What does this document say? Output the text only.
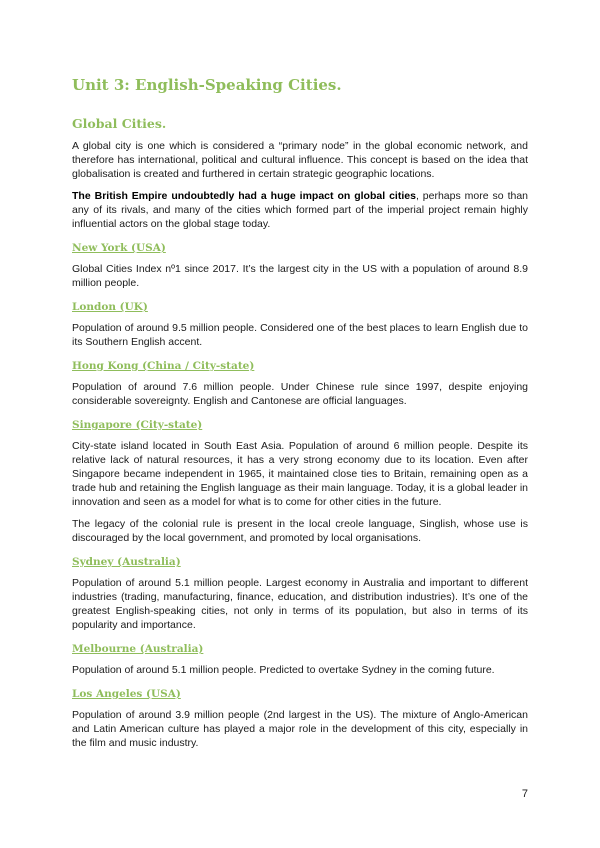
Unit 3: English-Speaking Cities.
Global Cities.

A global city is one which is considered a “primary node” in the global economic network, and therefore has international, political and cultural influence. This concept is based on the idea that globalisation is created and furthered in certain strategic geographic locations.

The British Empire undoubtedly had a huge impact on global cities, perhaps more so than any of its rivals, and many of the cities which formed part of the imperial project remain highly influential actors on the global stage today.

New York (USA)

Global Cities Index nº1 since 2017. It’s the largest city in the US with a population of around 8.9 million people.

London (UK)

Population of around 9.5 million people. Considered one of the best places to learn English due to its Southern English accent.

Hong Kong (China / City-state)

Population of around 7.6 million people. Under Chinese rule since 1997, despite enjoying considerable sovereignty. English and Cantonese are official languages.

Singapore (City-state)

City-state island located in South East Asia. Population of around 6 million people. Despite its relative lack of natural resources, it has a very strong economy due to its location. Even after Singapore became independent in 1965, it maintained close ties to Britain, remaining open as a trade hub and retaining the English language as their main language. Today, it is a global leader in innovation and seen as a model for what is to come for other cities in the future.

The legacy of the colonial rule is present in the local creole language, Singlish, whose use is discouraged by the local government, and promoted by local organisations.

Sydney (Australia)

Population of around 5.1 million people. Largest economy in Australia and important to different industries (trading, manufacturing, finance, education, and distribution industries). It’s one of the greatest English-speaking cities, not only in terms of its population, but also in terms of its popularity and importance.

Melbourne (Australia)

Population of around 5.1 million people. Predicted to overtake Sydney in the coming future.

Los Angeles (USA)

Population of around 3.9 million people (2nd largest in the US). The mixture of Anglo-American and Latin American culture has played a major role in the development of this city, especially in the film and music industry.

7
